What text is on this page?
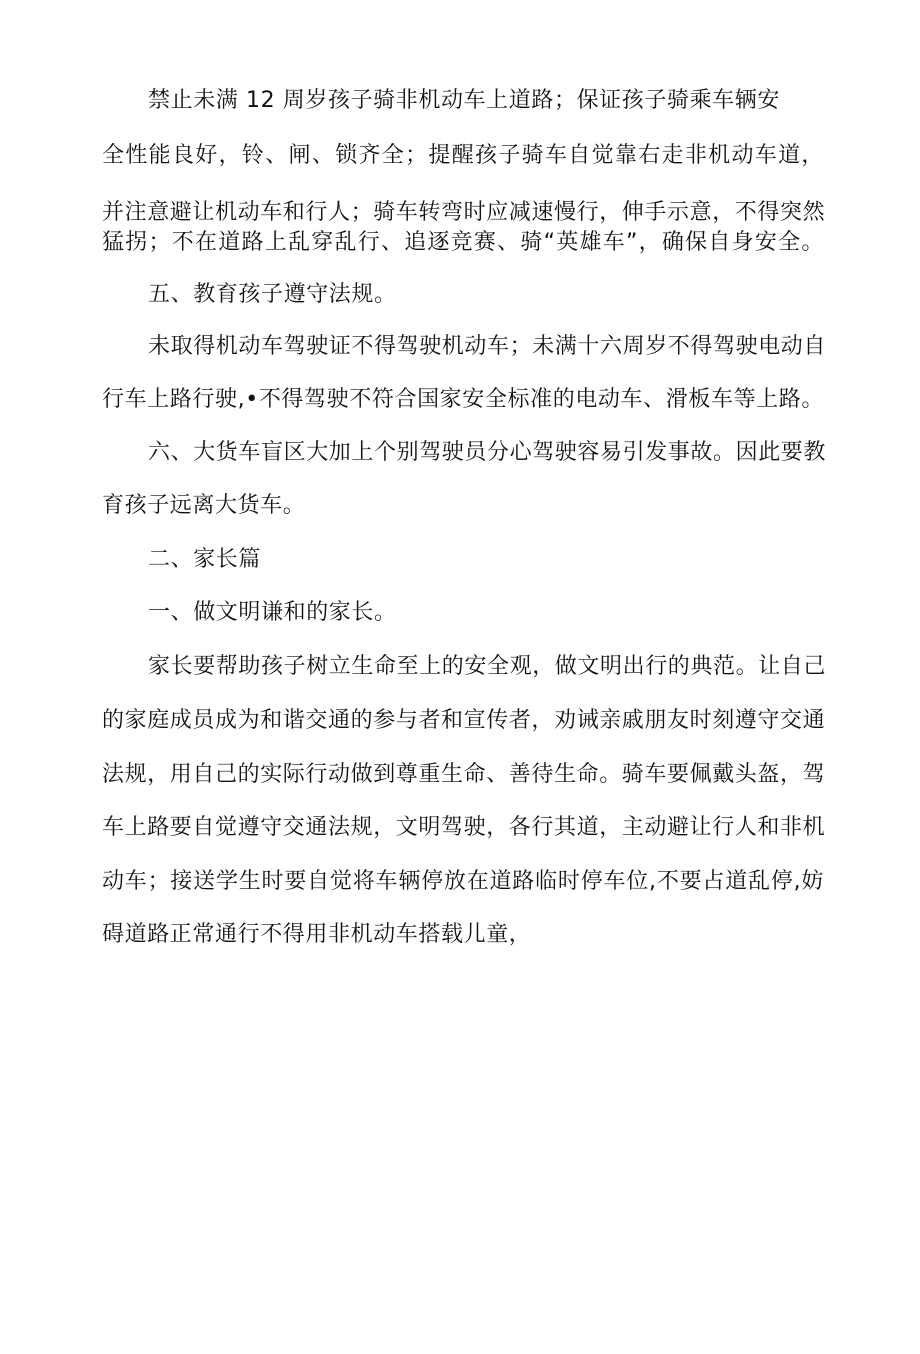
禁止未满 12 周岁孩子骑非机动车上道路；保证孩子骑乘车辆安
全性能良好，铃、闸、锁齐全；提醒孩子骑车自觉靠右走非机动车道，
并注意避让机动车和行人；骑车转弯时应减速慢行，伸手示意，不得突然
猛拐；不在道路上乱穿乱行、追逐竞赛、骑“英雄车”，确保自身安全。
五、教育孩子遵守法规。
未取得机动车驾驶证不得驾驶机动车；未满十六周岁不得驾驶电动自
行车上路行驶,•不得驾驶不符合国家安全标准的电动车、滑板车等上路。
六、大货车盲区大加上个别驾驶员分心驾驶容易引发事故。因此要教
育孩子远离大货车。
二、家长篇
一、做文明谦和的家长。
家长要帮助孩子树立生命至上的安全观，做文明出行的典范。让自己
的家庭成员成为和谐交通的参与者和宣传者，劝诫亲戚朋友时刻遵守交通
法规，用自己的实际行动做到尊重生命、善待生命。骑车要佩戴头盔，驾
车上路要自觉遵守交通法规，文明驾驶，各行其道，主动避让行人和非机
动车；接送学生时要自觉将车辆停放在道路临时停车位,不要占道乱停,妨
碍道路正常通行不得用非机动车搭载儿童，
